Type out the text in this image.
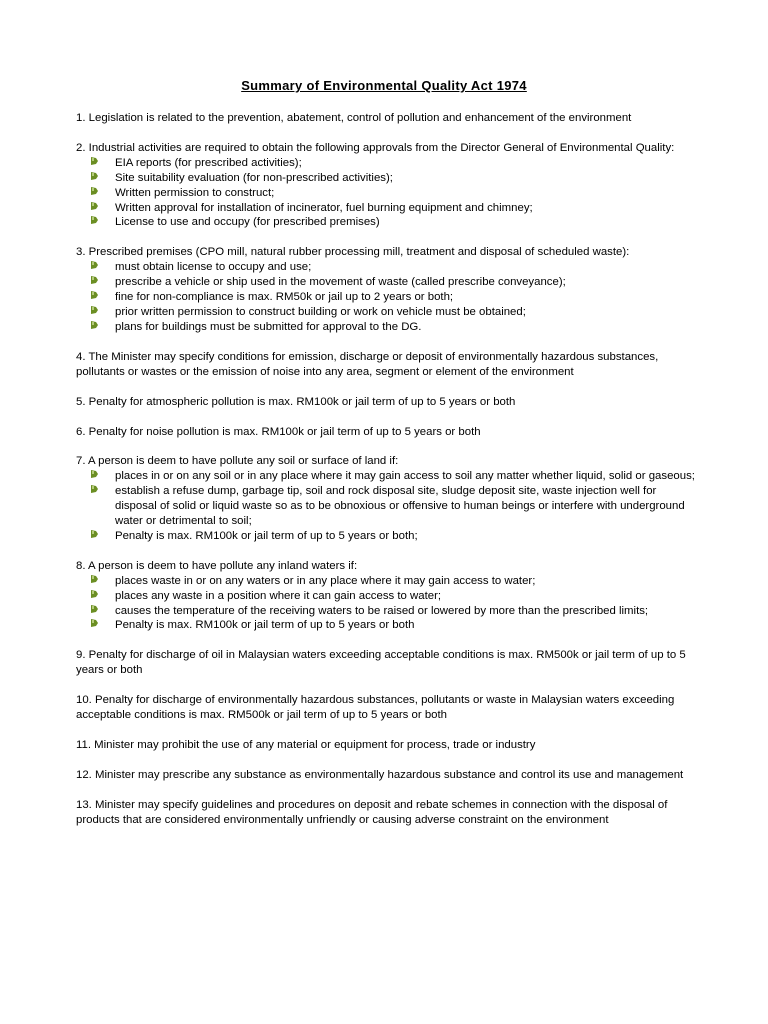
Summary of Environmental Quality Act 1974

1. Legislation is related to the prevention, abatement, control of pollution and enhancement of the environment

2. Industrial activities are required to obtain the following approvals from the Director General of Environmental Quality:

EIA reports (for prescribed activities);
Site suitability evaluation (for non-prescribed activities);
Written permission to construct;
Written approval for installation of incinerator, fuel burning equipment and chimney;
License to use and occupy (for prescribed premises)

3. Prescribed premises (CPO mill, natural rubber processing mill, treatment and disposal of scheduled waste):

must obtain license to occupy and use;
prescribe a vehicle or ship used in the movement of waste (called prescribe conveyance);
fine for non-compliance is max. RM50k or jail up to 2 years or both;
prior written permission to construct building or work on vehicle must be obtained;
plans for buildings must be submitted for approval to the DG.

4. The Minister may specify conditions for emission, discharge or deposit of environmentally hazardous substances, pollutants or wastes or the emission of noise into any area, segment or element of the environment

5. Penalty for atmospheric pollution is max. RM100k or jail term of up to 5 years or both

6. Penalty for noise pollution is max. RM100k or jail term of up to 5 years or both

7. A person is deem to have pollute any soil or surface of land if:

places in or on any soil or in any place where it may gain access to soil any matter whether liquid, solid or gaseous;
establish a refuse dump, garbage tip, soil and rock disposal site, sludge deposit site, waste injection well for disposal of solid or liquid waste so as to be obnoxious or offensive to human beings or interfere with underground water or detrimental to soil;
Penalty is max. RM100k or jail term of up to 5 years or both;

8. A person is deem to have pollute any inland waters if:

places waste in or on any waters or in any place where it may gain access to water;
places any waste in a position where it can gain access to water;
causes the temperature of the receiving waters to be raised or lowered by more than the prescribed limits;
Penalty is max. RM100k or jail term of up to 5 years or both

9. Penalty for discharge of oil in Malaysian waters exceeding acceptable conditions is max. RM500k or jail term of up to 5 years or both

10. Penalty for discharge of environmentally hazardous substances, pollutants or waste in Malaysian waters exceeding acceptable conditions is max. RM500k or jail term of up to 5 years or both

11. Minister may prohibit the use of any material or equipment for process, trade or industry

12. Minister may prescribe any substance as environmentally hazardous substance and control its use and management

13. Minister may specify guidelines and procedures on deposit and rebate schemes in connection with the disposal of products that are considered environmentally unfriendly or causing adverse constraint on the environment
